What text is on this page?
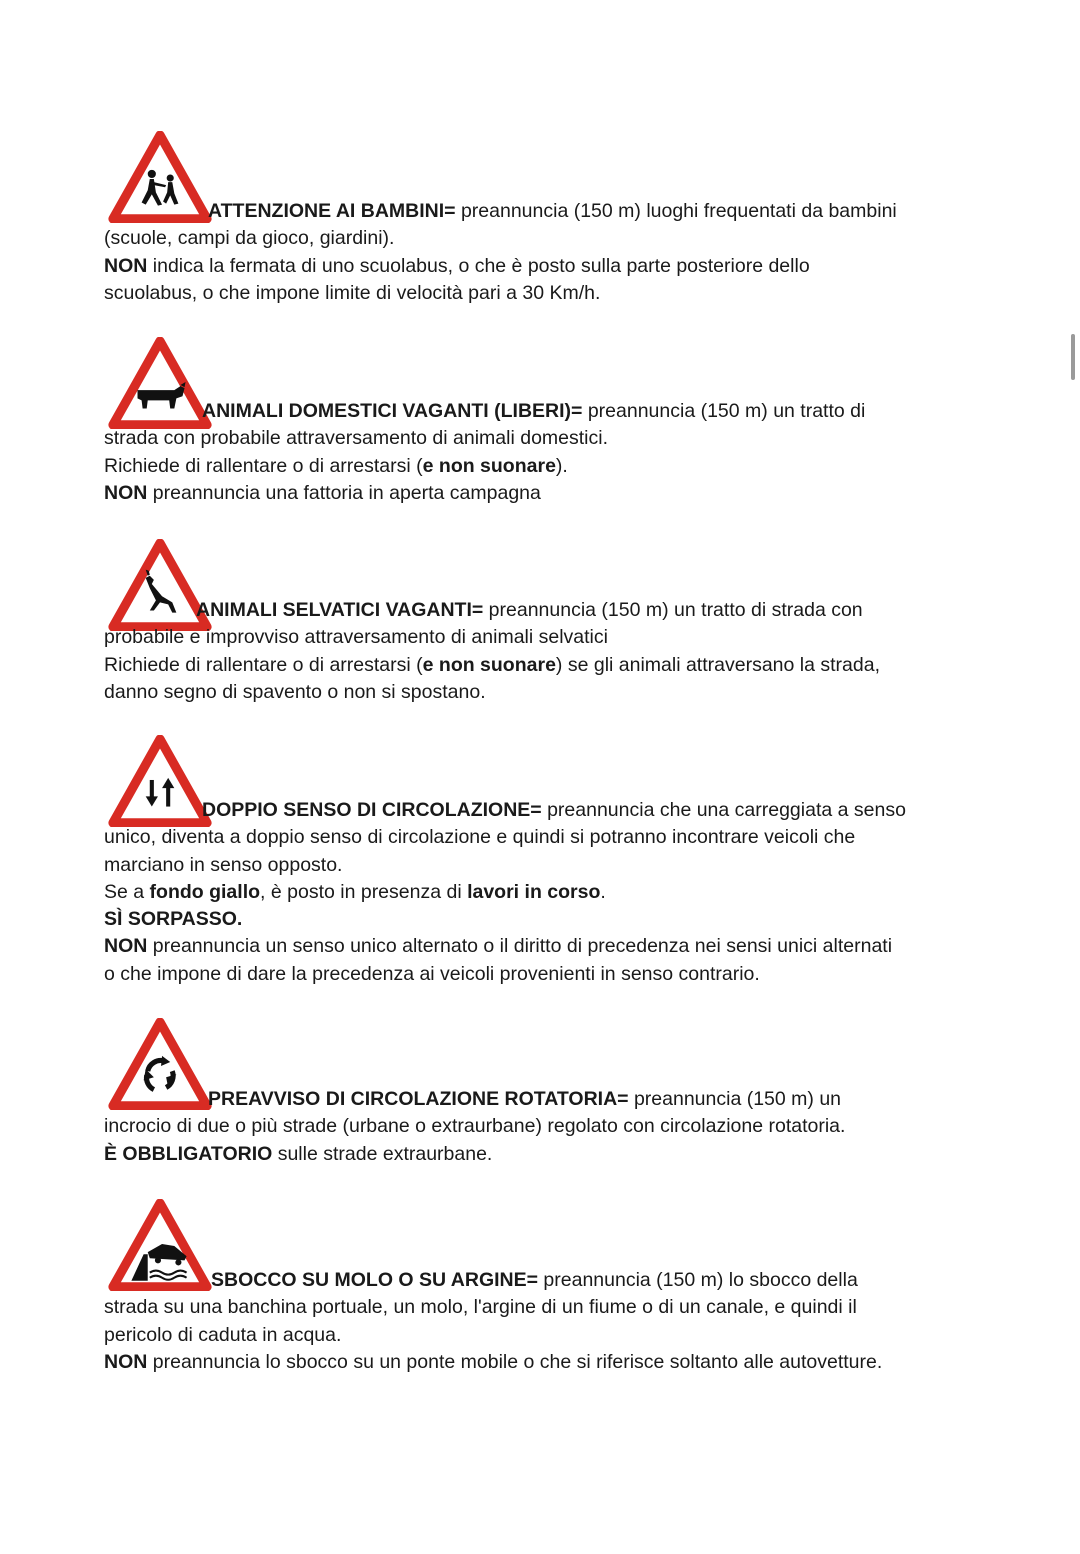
ATTENZIONE AI BAMBINI= preannuncia (150 m) luoghi frequentati da bambini
(scuole, campi da gioco, giardini).
NON indica la fermata di uno scuolabus, o che è posto sulla parte posteriore dello
scuolabus, o che impone limite di velocità pari a 30 Km/h.
ANIMALI DOMESTICI VAGANTI (LIBERI)= preannuncia (150 m) un tratto di
strada con probabile attraversamento di animali domestici.
Richiede di rallentare o di arrestarsi (e non suonare).
NON preannuncia una fattoria in aperta campagna
ANIMALI SELVATICI VAGANTI= preannuncia (150 m) un tratto di strada con
probabile e improvviso attraversamento di animali selvatici
Richiede di rallentare o di arrestarsi (e non suonare) se gli animali attraversano la strada,
danno segno di spavento o non si spostano.
DOPPIO SENSO DI CIRCOLAZIONE= preannuncia che una carreggiata a senso
unico, diventa a doppio senso di circolazione e quindi si potranno incontrare veicoli che
marciano in senso opposto.
Se a fondo giallo, è posto in presenza di lavori in corso.
SÌ SORPASSO.
NON preannuncia un senso unico alternato o il diritto di precedenza nei sensi unici alternati
o che impone di dare la precedenza ai veicoli provenienti in senso contrario.
PREAVVISO DI CIRCOLAZIONE ROTATORIA= preannuncia (150 m) un
incrocio di due o più strade (urbane o extraurbane) regolato con circolazione rotatoria.
È OBBLIGATORIO sulle strade extraurbane.
SBOCCO SU MOLO O SU ARGINE= preannuncia (150 m) lo sbocco della
strada su una banchina portuale, un molo, l'argine di un fiume o di un canale, e quindi il
pericolo di caduta in acqua.
NON preannuncia lo sbocco su un ponte mobile o che si riferisce soltanto alle autovetture.
